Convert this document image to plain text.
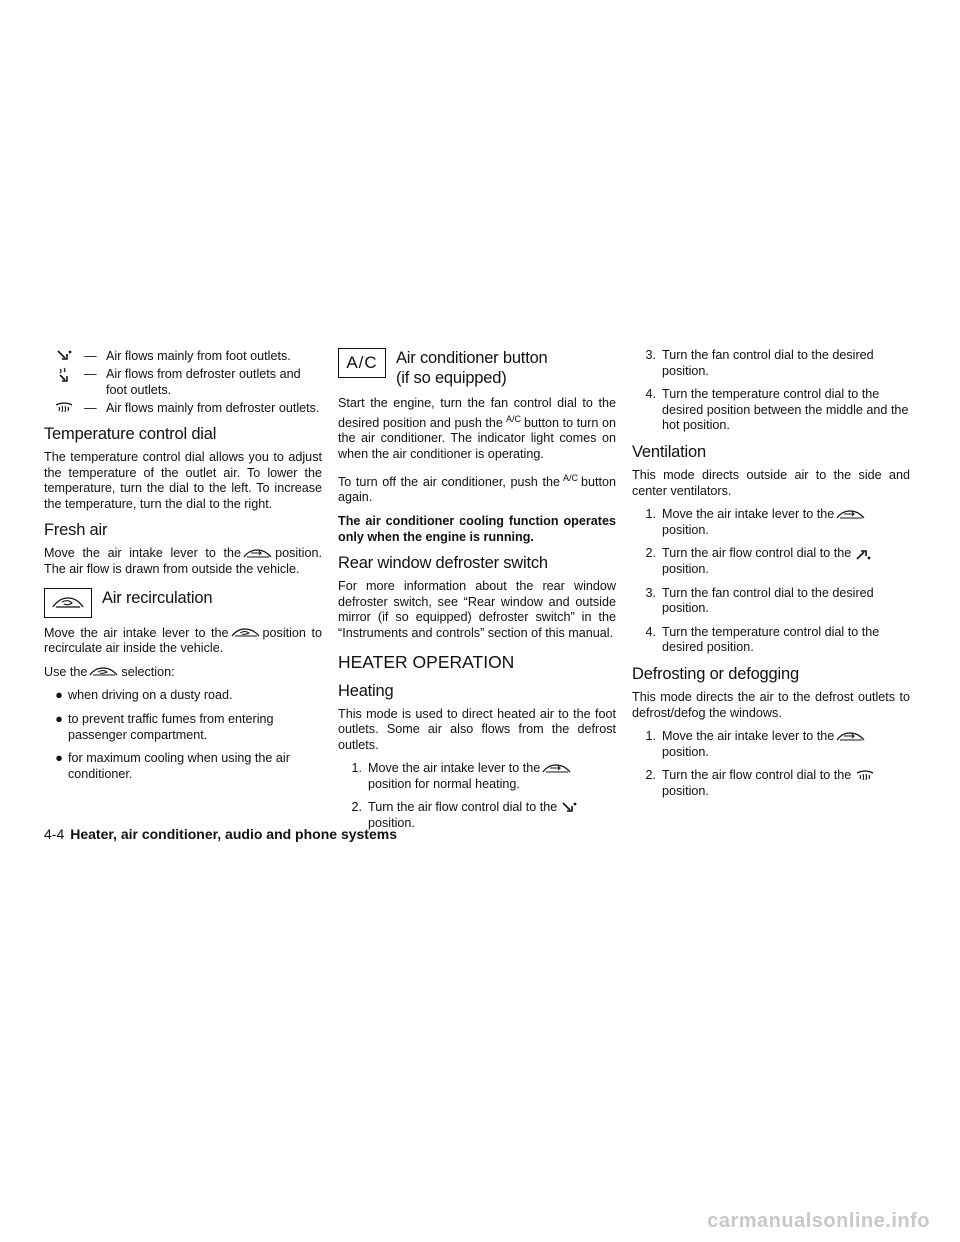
— Air flows mainly from foot outlets.
— Air flows from defroster outlets and foot outlets.
— Air flows mainly from defroster outlets.
Temperature control dial

The temperature control dial allows you to adjust the temperature of the outlet air. To lower the temperature, turn the dial to the left. To increase the temperature, turn the dial to the right.

Fresh air

Move the air intake lever to the	position. The air flow is drawn from outside the vehicle.

Air recirculation

Move the air intake lever to the	position to recirculate air inside the vehicle.

Use the	selection:

● when driving on a dusty road.
● to prevent traffic fumes from entering passenger compartment.
● for maximum cooling when using the air conditioner.
A/C	Air conditioner button
(if so equipped)

Start the engine, turn the fan control dial to the desired position and push the $^{A/C}$ button to turn on the air conditioner. The indicator light comes on when the air conditioner is operating.

To turn off the air conditioner, push the $^{A/C}$ button again.

The air conditioner cooling function operates only when the engine is running.

Rear window defroster switch

For more information about the rear window defroster switch, see “Rear window and outside mirror (if so equipped) defroster switch” in the “Instruments and controls” section of this manual.

HEATER OPERATION
Heating

This mode is used to direct heated air to the foot outlets. Some air also flows from the defrost outlets.

1. Move the air intake lever to the
position for normal heating.
2. Turn the air flow control dial to the
position.
3. Turn the fan control dial to the desired position.
4. Turn the temperature control dial to the desired position between the middle and the hot position.
Ventilation

This mode directs outside air to the side and center ventilators.

1. Move the air intake lever to the
position.
2. Turn the air flow control dial to the
position.
3. Turn the fan control dial to the desired position.
4. Turn the temperature control dial to the desired position.
Defrosting or defogging

This mode directs the air to the defrost outlets to defrost/defog the windows.

1. Move the air intake lever to the
position.
2. Turn the air flow control dial to the
position.
4-4 Heater, air conditioner, audio and phone systems
carmanualsonline.info
